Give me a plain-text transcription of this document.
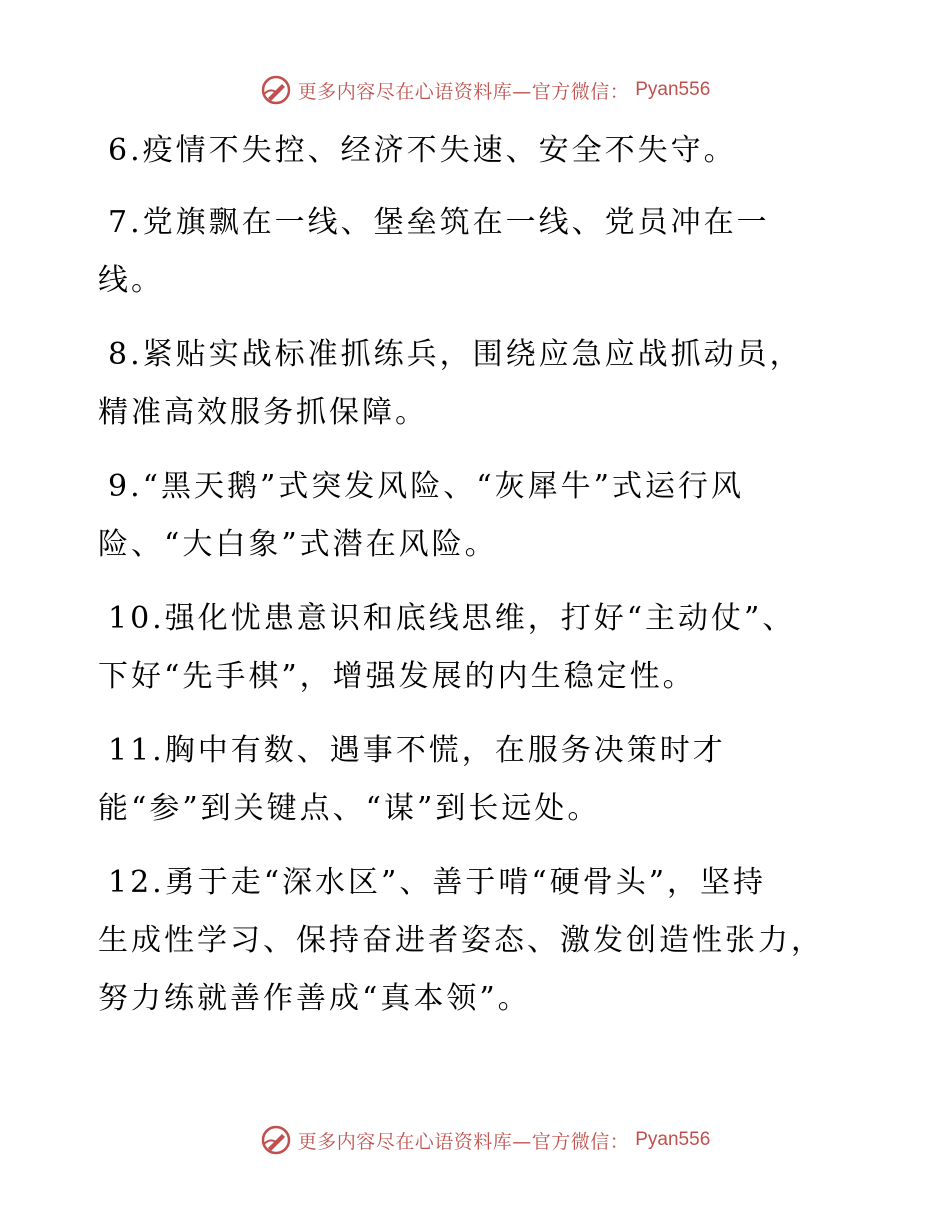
更多内容尽在心语资料库—官方微信： Pyan556
6.疫情不失控、经济不失速、安全不失守。
7.党旗飘在一线、堡垒筑在一线、党员冲在一
线。
8.紧贴实战标准抓练兵，围绕应急应战抓动员，
精准高效服务抓保障。
9.“黑天鹅”式突发风险、“灰犀牛”式运行风
险、“大白象”式潜在风险。
10.强化忧患意识和底线思维，打好“主动仗”、
下好“先手棋”，增强发展的内生稳定性。
11.胸中有数、遇事不慌，在服务决策时才
能“参”到关键点、“谋”到长远处。
12.勇于走“深水区”、善于啃“硬骨头”，坚持
生成性学习、保持奋进者姿态、激发创造性张力，
努力练就善作善成“真本领”。
更多内容尽在心语资料库—官方微信： Pyan556
